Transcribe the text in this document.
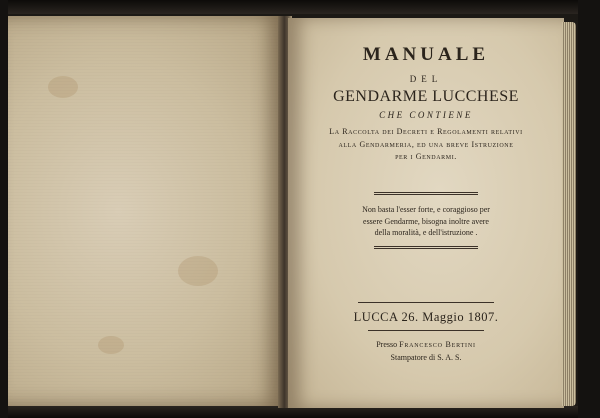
MANUALE
DEL
GENDARME LUCCHESE
CHE CONTIENE
La Raccolta dei Decreti e Regolamenti relativi
alla Gendarmeria, ed una breve Istruzione
per i Gendarmi.
Non basta l'esser forte, e coraggioso per
essere Gendarme, bisogna inoltre avere
della moralità, e dell'istruzione .
LUCCA 26. Maggio 1807.
Presso Francesco Bertini
Stampatore di S. A. S.
